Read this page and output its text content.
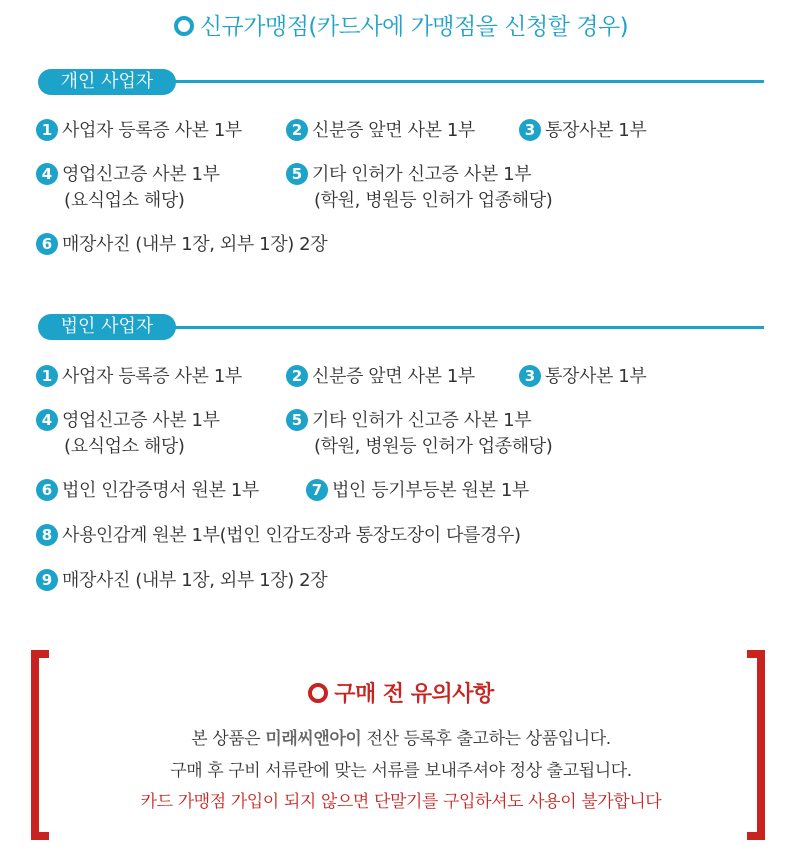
신규가맹점(카드사에 가맹점을 신청할 경우)
개인 사업자
1 사업자 등록증 사본 1부	2 신분증 앞면 사본 1부	3 통장사본 1부
4 영업신고증 사본 1부
(요식업소 해당)
5 기타 인허가 신고증 사본 1부
(학원, 병원등 인허가 업종해당)
6 매장사진 (내부 1장, 외부 1장) 2장
법인 사업자
1 사업자 등록증 사본 1부	2 신분증 앞면 사본 1부	3 통장사본 1부
4 영업신고증 사본 1부
(요식업소 해당)
5 기타 인허가 신고증 사본 1부
(학원, 병원등 인허가 업종해당)
6 법인 인감증명서 원본 1부	7 법인 등기부등본 원본 1부
8 사용인감계 원본 1부(법인 인감도장과 통장도장이 다를경우)
9 매장사진 (내부 1장, 외부 1장) 2장
구매 전 유의사항
본 상품은 미래씨앤아이 전산 등록후 출고하는 상품입니다.
구매 후 구비 서류란에 맞는 서류를 보내주셔야 정상 출고됩니다.
카드 가맹점 가입이 되지 않으면 단말기를 구입하셔도 사용이 불가합니다
